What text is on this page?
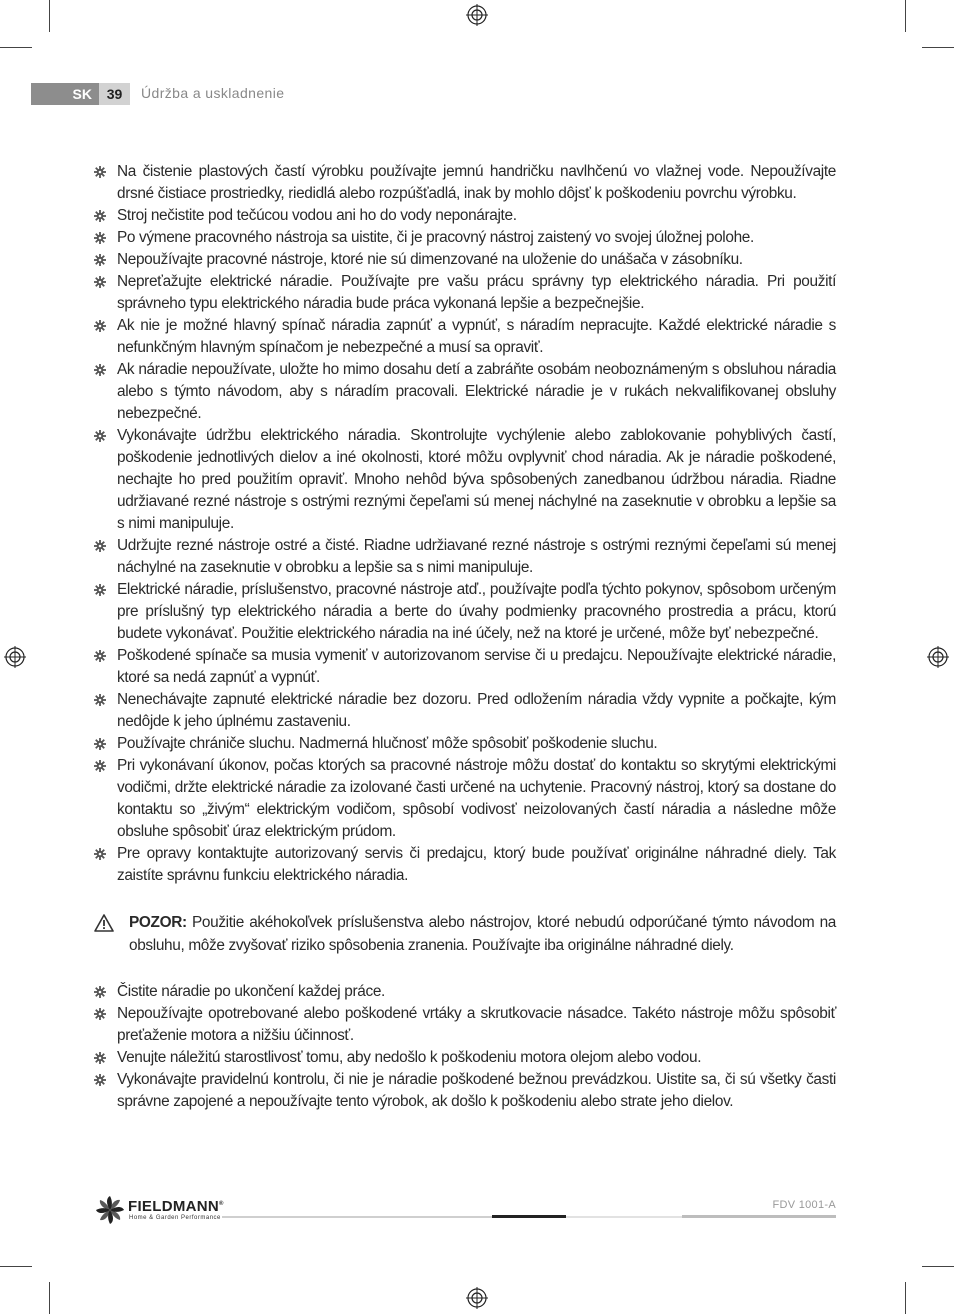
SK	39	Údržba a uskladnenie
Na čistenie plastových častí výrobku používajte jemnú handričku navlhčenú vo vlažnej vode. Nepoužívajte drsné čistiace prostriedky, riedidlá alebo rozpúšťadlá, inak by mohlo dôjsť k poškodeniu povrchu výrobku.
Stroj nečistite pod tečúcou vodou ani ho do vody neponárajte.
Po výmene pracovného nástroja sa uistite, či je pracovný nástroj zaistený vo svojej úložnej polohe.
Nepoužívajte pracovné nástroje, ktoré nie sú dimenzované na uloženie do unášača v zásobníku.
Nepreťažujte elektrické náradie. Používajte pre vašu prácu správny typ elektrického náradia. Pri použití správneho typu elektrického náradia bude práca vykonaná lepšie a bezpečnejšie.
Ak nie je možné hlavný spínač náradia zapnúť a vypnúť, s náradím nepracujte. Každé elektrické náradie s nefunkčným hlavným spínačom je nebezpečné a musí sa opraviť.
Ak náradie nepoužívate, uložte ho mimo dosahu detí a zabráňte osobám neoboznámeným s obsluhou náradia alebo s týmto návodom, aby s náradím pracovali. Elektrické náradie je v rukách nekvalifikovanej obsluhy nebezpečné.
Vykonávajte údržbu elektrického náradia. Skontrolujte vychýlenie alebo zablokovanie pohyblivých častí, poškodenie jednotlivých dielov a iné okolnosti, ktoré môžu ovplyvniť chod náradia. Ak je náradie poškodené, nechajte ho pred použitím opraviť. Mnoho nehôd býva spôsobených zanedbanou údržbou náradia. Riadne udržiavané rezné nástroje s ostrými reznými čepeľami sú menej náchylné na zaseknutie v obrobku a lepšie sa s nimi manipuluje.
Udržujte rezné nástroje ostré a čisté. Riadne udržiavané rezné nástroje s ostrými reznými čepeľami sú menej náchylné na zaseknutie v obrobku a lepšie sa s nimi manipuluje.
Elektrické náradie, príslušenstvo, pracovné nástroje atď., používajte podľa týchto pokynov, spôsobom určeným pre príslušný typ elektrického náradia a berte do úvahy podmienky pracovného prostredia a prácu, ktorú budete vykonávať. Použitie elektrického náradia na iné účely, než na ktoré je určené, môže byť nebezpečné.
Poškodené spínače sa musia vymeniť v autorizovanom servise či u predajcu. Nepoužívajte elektrické náradie, ktoré sa nedá zapnúť a vypnúť.
Nenechávajte zapnuté elektrické náradie bez dozoru. Pred odložením náradia vždy vypnite a počkajte, kým nedôjde k jeho úplnému zastaveniu.
Používajte chrániče sluchu. Nadmerná hlučnosť môže spôsobiť poškodenie sluchu.
Pri vykonávaní úkonov, počas ktorých sa pracovné nástroje môžu dostať do kontaktu so skrytými elektrickými vodičmi, držte elektrické náradie za izolované časti určené na uchytenie. Pracovný nástroj, ktorý sa dostane do kontaktu so „živým“ elektrickým vodičom, spôsobí vodivosť neizolovaných častí náradia a následne môže obsluhe spôsobiť úraz elektrickým prúdom.
Pre opravy kontaktujte autorizovaný servis či predajcu, ktorý bude používať originálne náhradné diely. Tak zaistíte správnu funkciu elektrického náradia.
POZOR: Použitie akéhokoľvek príslušenstva alebo nástrojov, ktoré nebudú odporúčané týmto návodom na obsluhu, môže zvyšovať riziko spôsobenia zranenia. Používajte iba originálne náhradné diely.
Čistite náradie po ukončení každej práce.
Nepoužívajte opotrebované alebo poškodené vrtáky a skrutkovacie násadce. Takéto nástroje môžu spôsobiť preťaženie motora a nižšiu účinnosť.
Venujte náležitú starostlivosť tomu, aby nedošlo k poškodeniu motora olejom alebo vodou.
Vykonávajte pravidelnú kontrolu, či nie je náradie poškodené bežnou prevádzkou. Uistite sa, či sú všetky časti správne zapojené a nepoužívajte tento výrobok, ak došlo k poškodeniu alebo strate jeho dielov.
FIELDMANN®
Home & Garden Performance
FDV 1001-A
